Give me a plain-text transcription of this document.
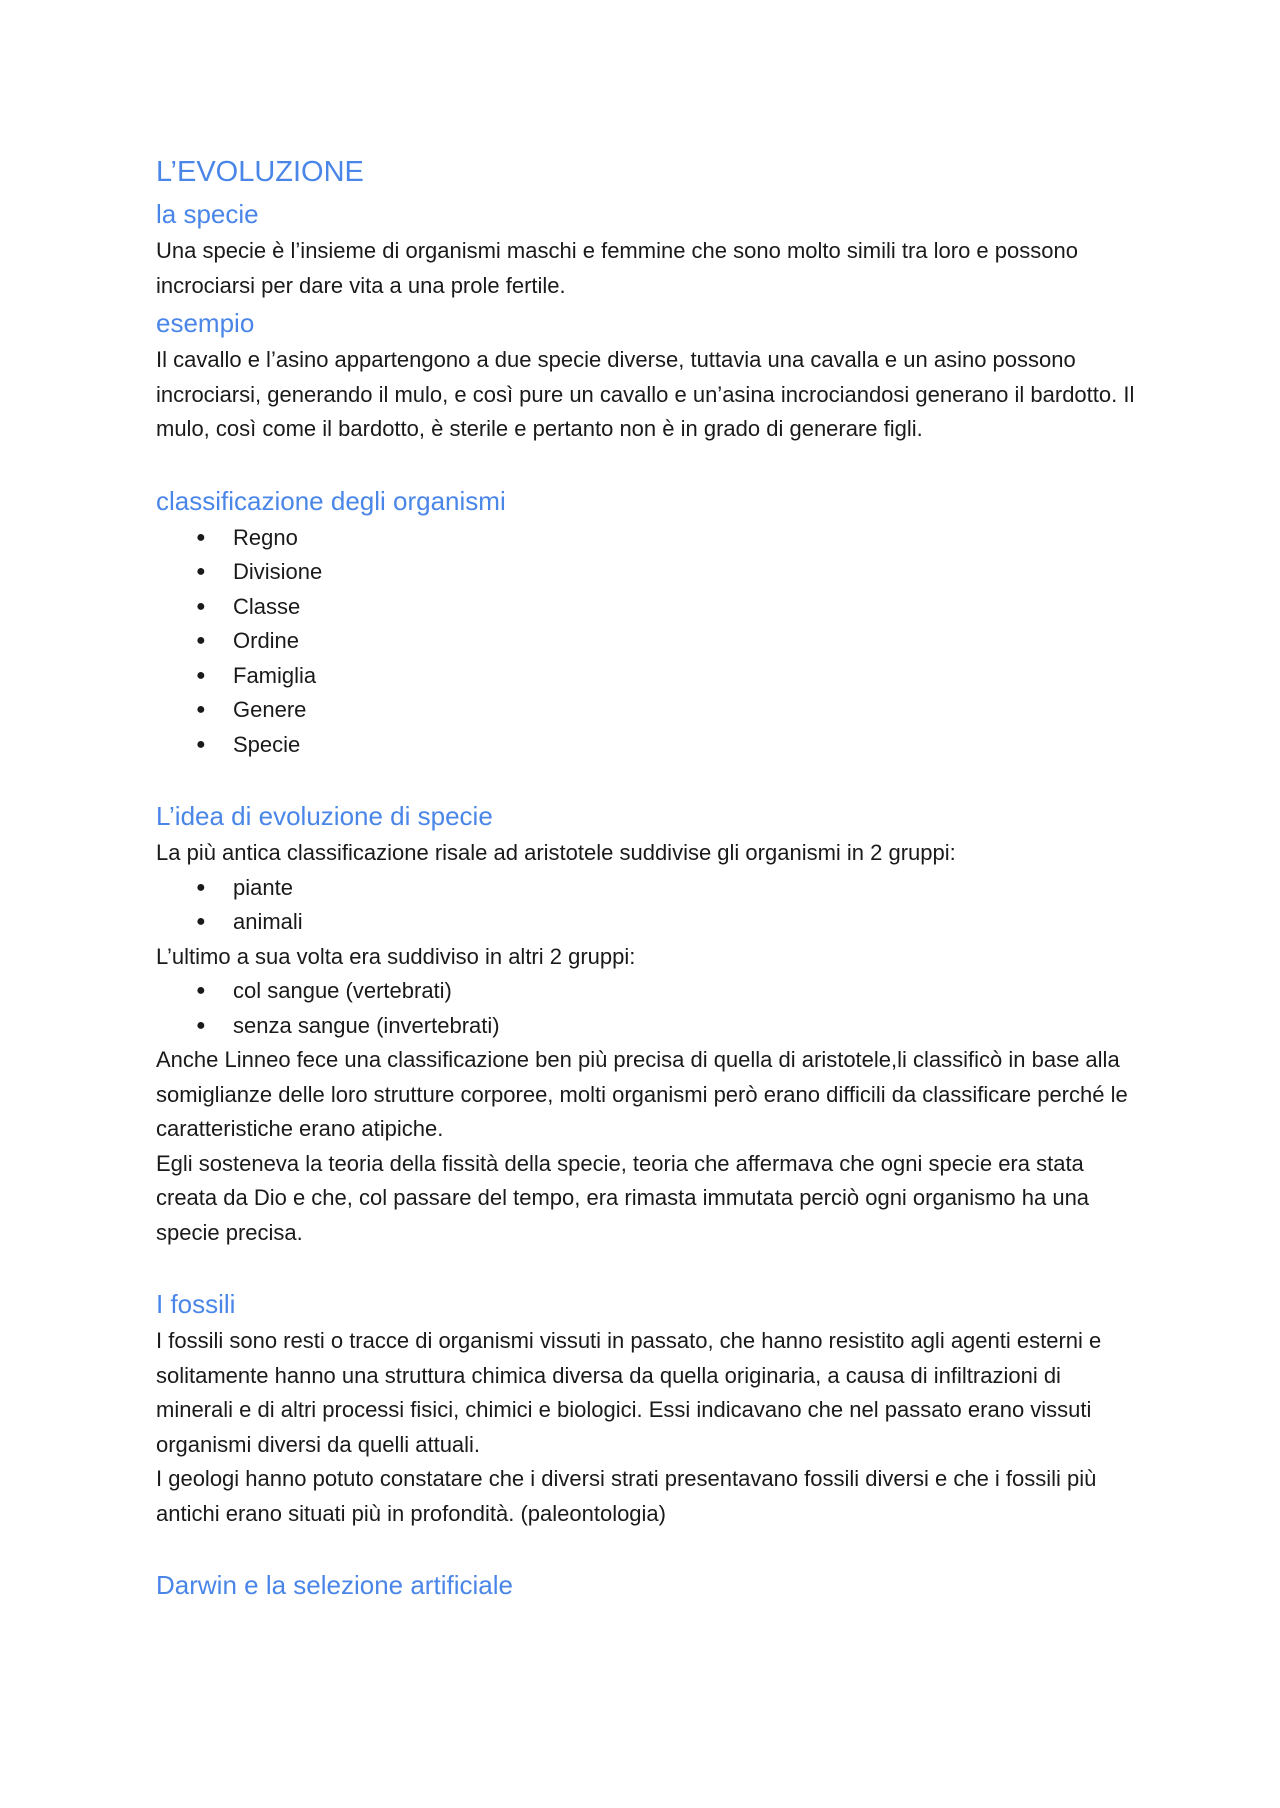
L’EVOLUZIONE
la specie

Una specie è l’insieme di organismi maschi e femmine che sono molto simili tra loro e possono incrociarsi per dare vita a una prole fertile.

esempio

Il cavallo e l’asino appartengono a due specie diverse, tuttavia una cavalla e un asino possono incrociarsi, generando il mulo, e così pure un cavallo e un’asina incrociandosi generano il bardotto. Il mulo, così come il bardotto, è sterile e pertanto non è in grado di generare figli.

classificazione degli organismi
● Regno
● Divisione
● Classe
● Ordine
● Famiglia
● Genere
● Specie
L’idea di evoluzione di specie

La più antica classificazione risale ad aristotele suddivise gli organismi in 2 gruppi:

● piante
● animali

L’ultimo a sua volta era suddiviso in altri 2 gruppi:

● col sangue (vertebrati)
● senza sangue (invertebrati)

Anche Linneo fece una classificazione ben più precisa di quella di aristotele,li classificò in base alla somiglianze delle loro strutture corporee, molti organismi però erano difficili da classificare perché le caratteristiche erano atipiche.

Egli sosteneva la teoria della fissità della specie, teoria che affermava che ogni specie era stata creata da Dio e che, col passare del tempo, era rimasta immutata perciò ogni organismo ha una specie precisa.

I fossili

I fossili sono resti o tracce di organismi vissuti in passato, che hanno resistito agli agenti esterni e solitamente hanno una struttura chimica diversa da quella originaria, a causa di infiltrazioni di minerali e di altri processi fisici, chimici e biologici. Essi indicavano che nel passato erano vissuti organismi diversi da quelli attuali.

I geologi hanno potuto constatare che i diversi strati presentavano fossili diversi e che i fossili più antichi erano situati più in profondità. (paleontologia)

Darwin e la selezione artificiale
